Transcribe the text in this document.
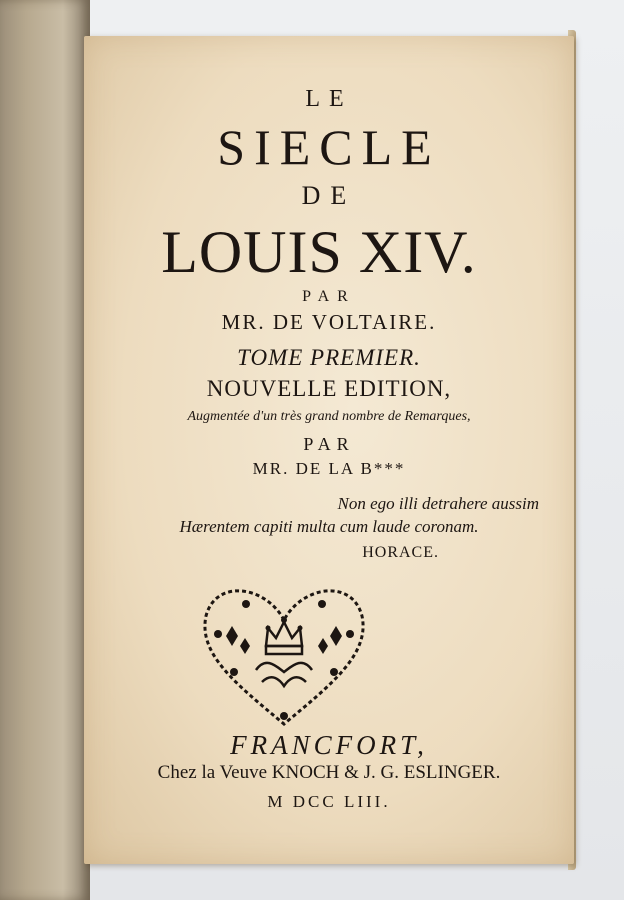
LE
SIECLE
DE
LOUIS XIV.
PAR
MR. DE VOLTAIRE.
TOME PREMIER.
NOUVELLE EDITION,
Augmentée d'un très grand nombre de Remarques,
PAR
MR. DE LA B***
Non ego illi detrahere aussim
Hærentem capiti multa cum laude coronam.
HORACE.
FRANCFORT,
Chez la Veuve KNOCH & J. G. ESLINGER.
M DCC LIII.
